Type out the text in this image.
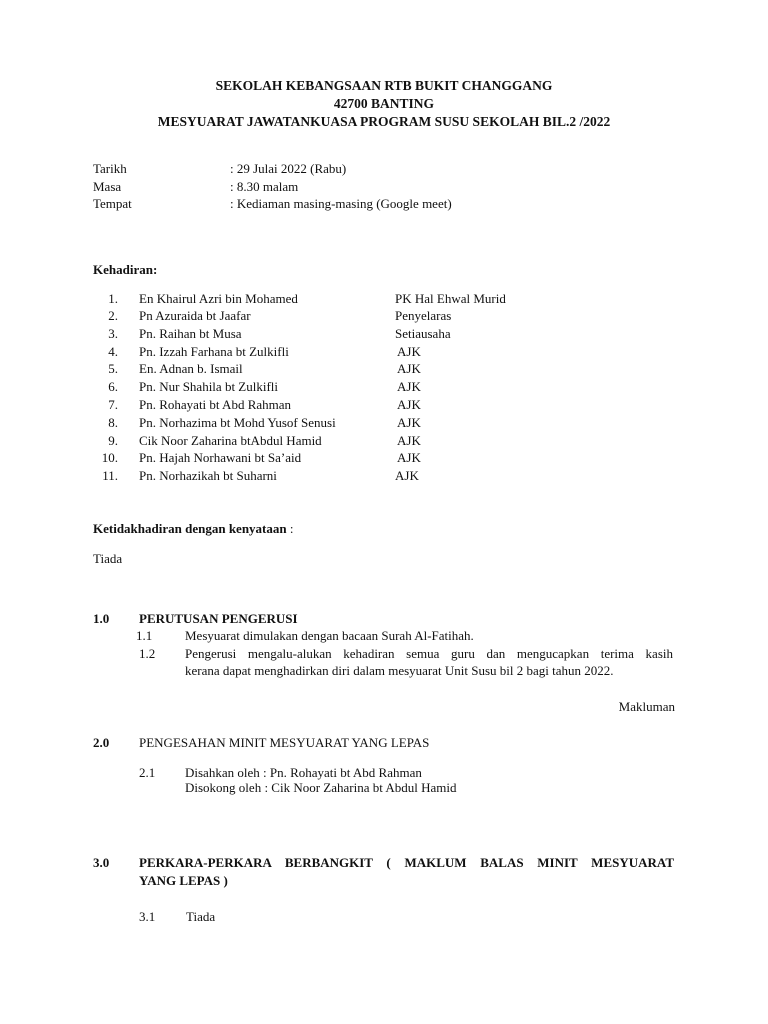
SEKOLAH KEBANGSAAN RTB BUKIT CHANGGANG
42700 BANTING
MESYUARAT JAWATANKUASA PROGRAM SUSU SEKOLAH BIL.2 /2022
Tarikh	: 29 Julai 2022 (Rabu)
Masa	: 8.30 malam
Tempat	: Kediaman masing-masing (Google meet)
Kehadiran:
1. En Khairul Azri bin Mohamed	PK Hal Ehwal Murid
2. Pn Azuraida bt Jaafar	Penyelaras
3. Pn. Raihan bt Musa	Setiausaha
4. Pn. Izzah Farhana bt Zulkifli	AJK
5. En. Adnan b. Ismail	AJK
6. Pn. Nur Shahila bt Zulkifli	AJK
7. Pn. Rohayati bt Abd Rahman	AJK
8. Pn. Norhazima bt Mohd Yusof Senusi	AJK
9. Cik Noor Zaharina btAbdul Hamid	AJK
10. Pn. Hajah Norhawani bt Sa’aid	AJK
11. Pn. Norhazikah bt Suharni	AJK
Ketidakhadiran dengan kenyataan :
Tiada
1.0 PERUTUSAN PENGERUSI
1.1	Mesyuarat dimulakan dengan bacaan Surah Al-Fatihah.
1.2 Pengerusi mengalu-alukan kehadiran semua guru dan mengucapkan terima kasih
kerana dapat menghadirkan diri dalam mesyuarat Unit Susu bil 2 bagi tahun 2022.
Makluman
2.0 PENGESAHAN MINIT MESYUARAT YANG LEPAS
2.1 Disahkan oleh : Pn. Rohayati bt Abd Rahman
Disokong oleh : Cik Noor Zaharina bt Abdul Hamid
3.0 PERKARA-PERKARA BERBANGKIT ( MAKLUM BALAS MINIT MESYUARAT
YANG LEPAS )
3.1 Tiada
